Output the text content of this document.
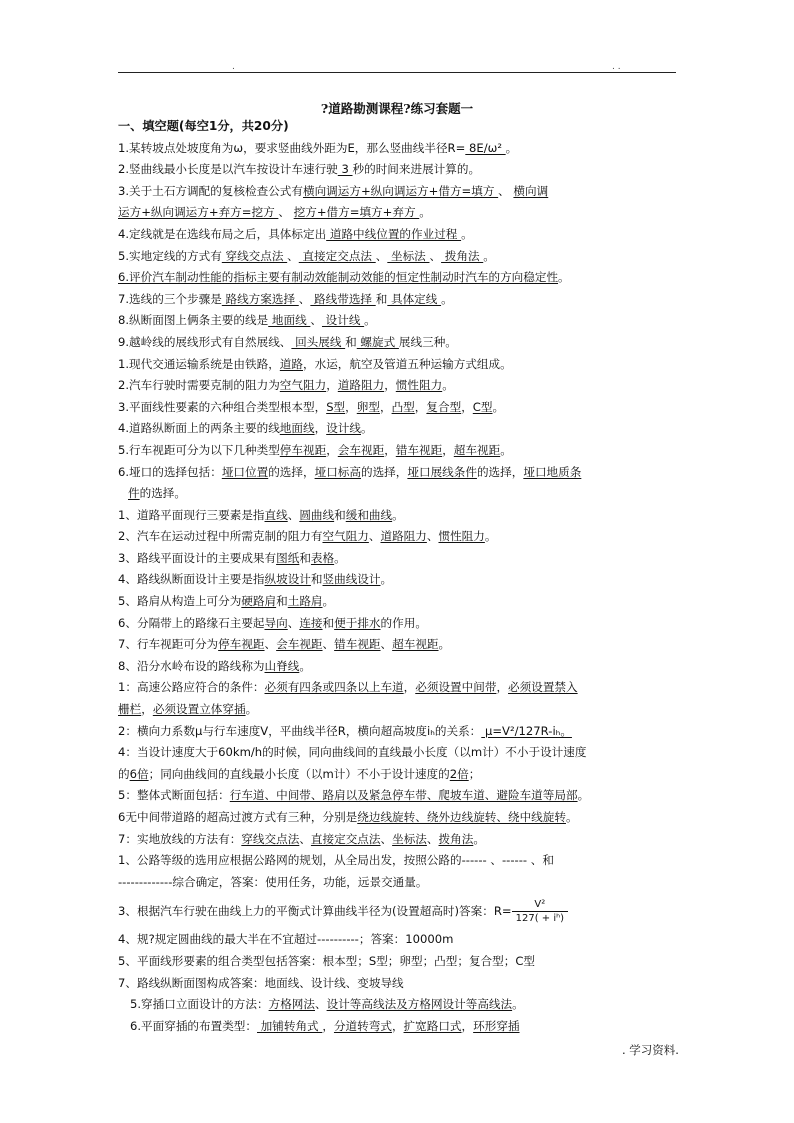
.	. .
?道路勘测课程?练习套题一
一、填空题(每空1分，共20分)
1.某转坡点处坡度角为ω，要求竖曲线外距为E，那么竖曲线半径R= 8E/ω² 。
2.竖曲线最小长度是以汽车按设计车速行驶 3 秒的时间来进展计算的。
3.关于土石方调配的复核检查公式有横向调运方+纵向调运方+借方=填方 、 横向调
运方+纵向调运方+弃方=挖方 、 挖方+借方=填方+弃方 。
4.定线就是在选线布局之后，具体标定出 道路中线位置的作业过程 。
5.实地定线的方式有 穿线交点法 、 直接定交点法 、 坐标法 、 拨角法 。
6.评价汽车制动性能的指标主要有制动效能制动效能的恒定性制动时汽车的方向稳定性。
7.选线的三个步骤是 路线方案选择 、 路线带选择 和 具体定线 。
8.纵断面图上俩条主要的线是 地面线 、 设计线 。
9.越岭线的展线形式有自然展线、 回头展线 和 螺旋式 展线三种。
1.现代交通运输系统是由铁路，道路，水运，航空及管道五种运输方式组成。
2.汽车行驶时需要克制的阻力为空气阻力，道路阻力，惯性阻力。
3.平面线性要素的六种组合类型根本型，S型，卵型，凸型，复合型，C型。
4.道路纵断面上的两条主要的线地面线，设计线。
5.行车视距可分为以下几种类型停车视距，会车视距，错车视距，超车视距。
6.垭口的选择包括：垭口位置的选择，垭口标高的选择，垭口展线条件的选择，垭口地质条
件的选择。
1、道路平面现行三要素是指直线、圆曲线和缓和曲线。
2、汽车在运动过程中所需克制的阻力有空气阻力、道路阻力、惯性阻力。
3、路线平面设计的主要成果有图纸和表格。
4、路线纵断面设计主要是指纵坡设计和竖曲线设计。
5、路肩从构造上可分为硬路肩和土路肩。
6、分隔带上的路缘石主要起导向、连接和便于排水的作用。
7、行车视距可分为停车视距、会车视距、错车视距、超车视距。
8、沿分水岭布设的路线称为山脊线。
1：高速公路应符合的条件：必须有四条或四条以上车道，必须设置中间带，必须设置禁入
栅栏，必须设置立体穿插。
2：横向力系数μ与行车速度V，平曲线半径R，横向超高坡度iₕ的关系： μ=V²/127R-iₕ。
4：当设计速度大于60km/h的时候，同向曲线间的直线最小长度（以m计）不小于设计速度
的6倍；同向曲线间的直线最小长度（以m计）不小于设计速度的2倍；
5：整体式断面包括：行车道、中间带、路肩以及紧急停车带、爬坡车道、避险车道等局部。
6无中间带道路的超高过渡方式有三种，分别是绕边线旋转、绕外边线旋转、绕中线旋转。
7：实地放线的方法有：穿线交点法、直接定交点法、坐标法、拨角法。
1、公路等级的选用应根据公路网的规划，从全局出发，按照公路的------ 、------ 、和
-------------综合确定，答案：使用任务，功能，远景交通量。
3、根据汽车行驶在曲线上力的平衡式计算曲线半径为(设置超高时)答案：$R= \frac{\text{V²}}{\text{127( + iʰ)}}$
4、规?规定圆曲线的最大半在不宜超过----------；答案：10000m
5、平面线形要素的组合类型包括答案：根本型；S型；卵型；凸型；复合型；C型
7、路线纵断面图构成答案：地面线、设计线、变坡导线
5.穿插口立面设计的方法：方格网法、设计等高线法及方格网设计等高线法。
6.平面穿插的布置类型： 加铺转角式 ，分道转弯式，扩宽路口式，环形穿插
. 学习资料.
